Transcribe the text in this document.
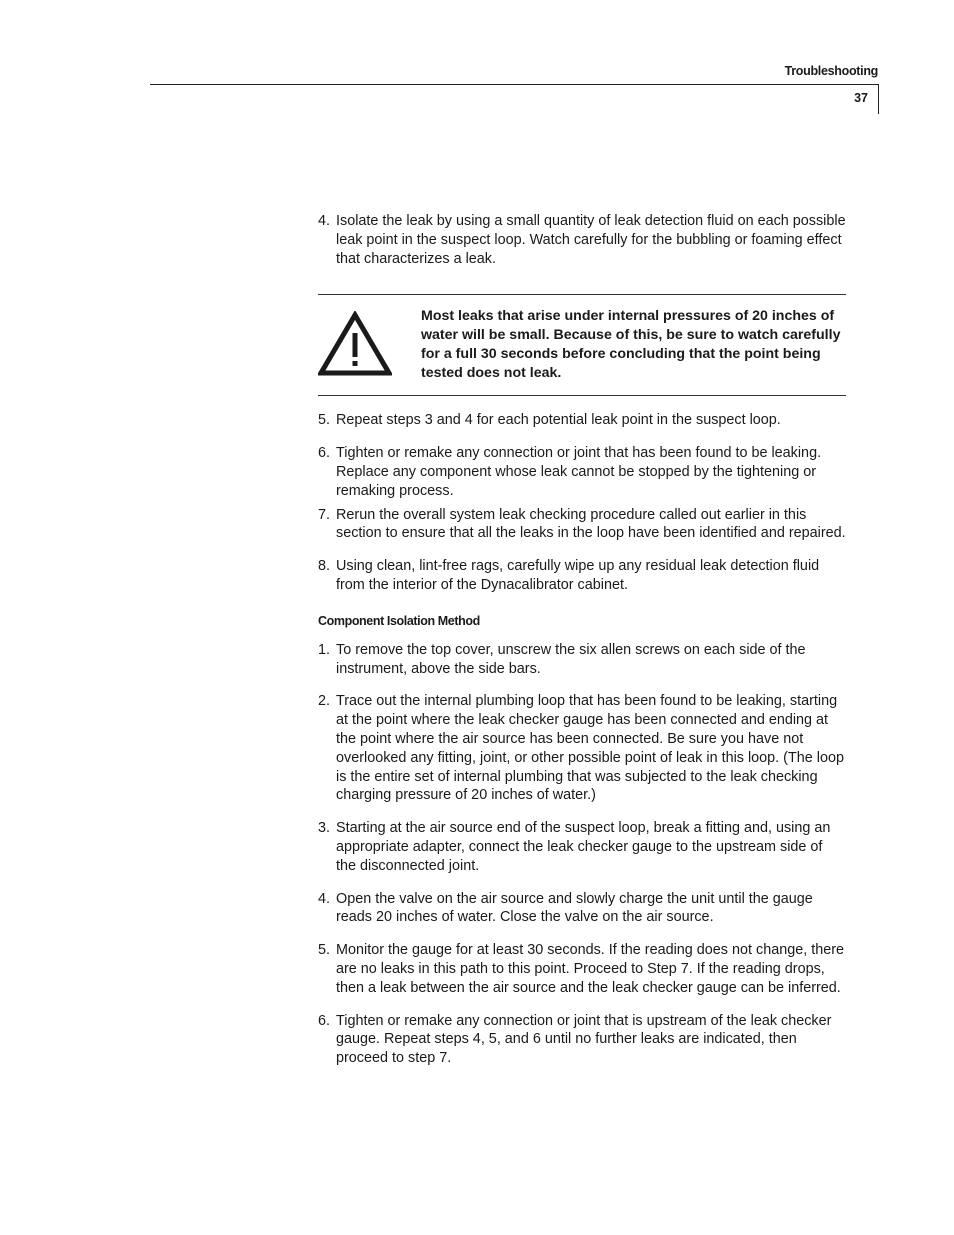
Troubleshooting
37
4. Isolate the leak by using a small quantity of leak detection fluid on each possible leak point in the suspect loop. Watch carefully for the bubbling or foaming effect that characterizes a leak.
Most leaks that arise under internal pressures of 20 inches of water will be small. Because of this, be sure to watch carefully for a full 30 seconds before concluding that the point being tested does not leak.
5. Repeat steps 3 and 4 for each potential leak point in the suspect loop.
6. Tighten or remake any connection or joint that has been found to be leaking. Replace any component whose leak cannot be stopped by the tightening or remaking process.
7. Rerun the overall system leak checking procedure called out earlier in this section to ensure that all the leaks in the loop have been identified and repaired.
8. Using clean, lint-free rags, carefully wipe up any residual leak detection fluid from the interior of the Dynacalibrator cabinet.
Component Isolation Method
1. To remove the top cover, unscrew the six allen screws on each side of the instrument, above the side bars.
2. Trace out the internal plumbing loop that has been found to be leaking, starting at the point where the leak checker gauge has been connected and ending at the point where the air source has been connected. Be sure you have not overlooked any fitting, joint, or other possible point of leak in this loop. (The loop is the entire set of internal plumbing that was subjected to the leak checking charging pressure of 20 inches of water.)
3. Starting at the air source end of the suspect loop, break a fitting and, using an appropriate adapter, connect the leak checker gauge to the upstream side of the disconnected joint.
4. Open the valve on the air source and slowly charge the unit until the gauge reads 20 inches of water. Close the valve on the air source.
5. Monitor the gauge for at least 30 seconds. If the reading does not change, there are no leaks in this path to this point. Proceed to Step 7. If the reading drops, then a leak between the air source and the leak checker gauge can be inferred.
6. Tighten or remake any connection or joint that is upstream of the leak checker gauge. Repeat steps 4, 5, and 6 until no further leaks are indicated, then proceed to step 7.
